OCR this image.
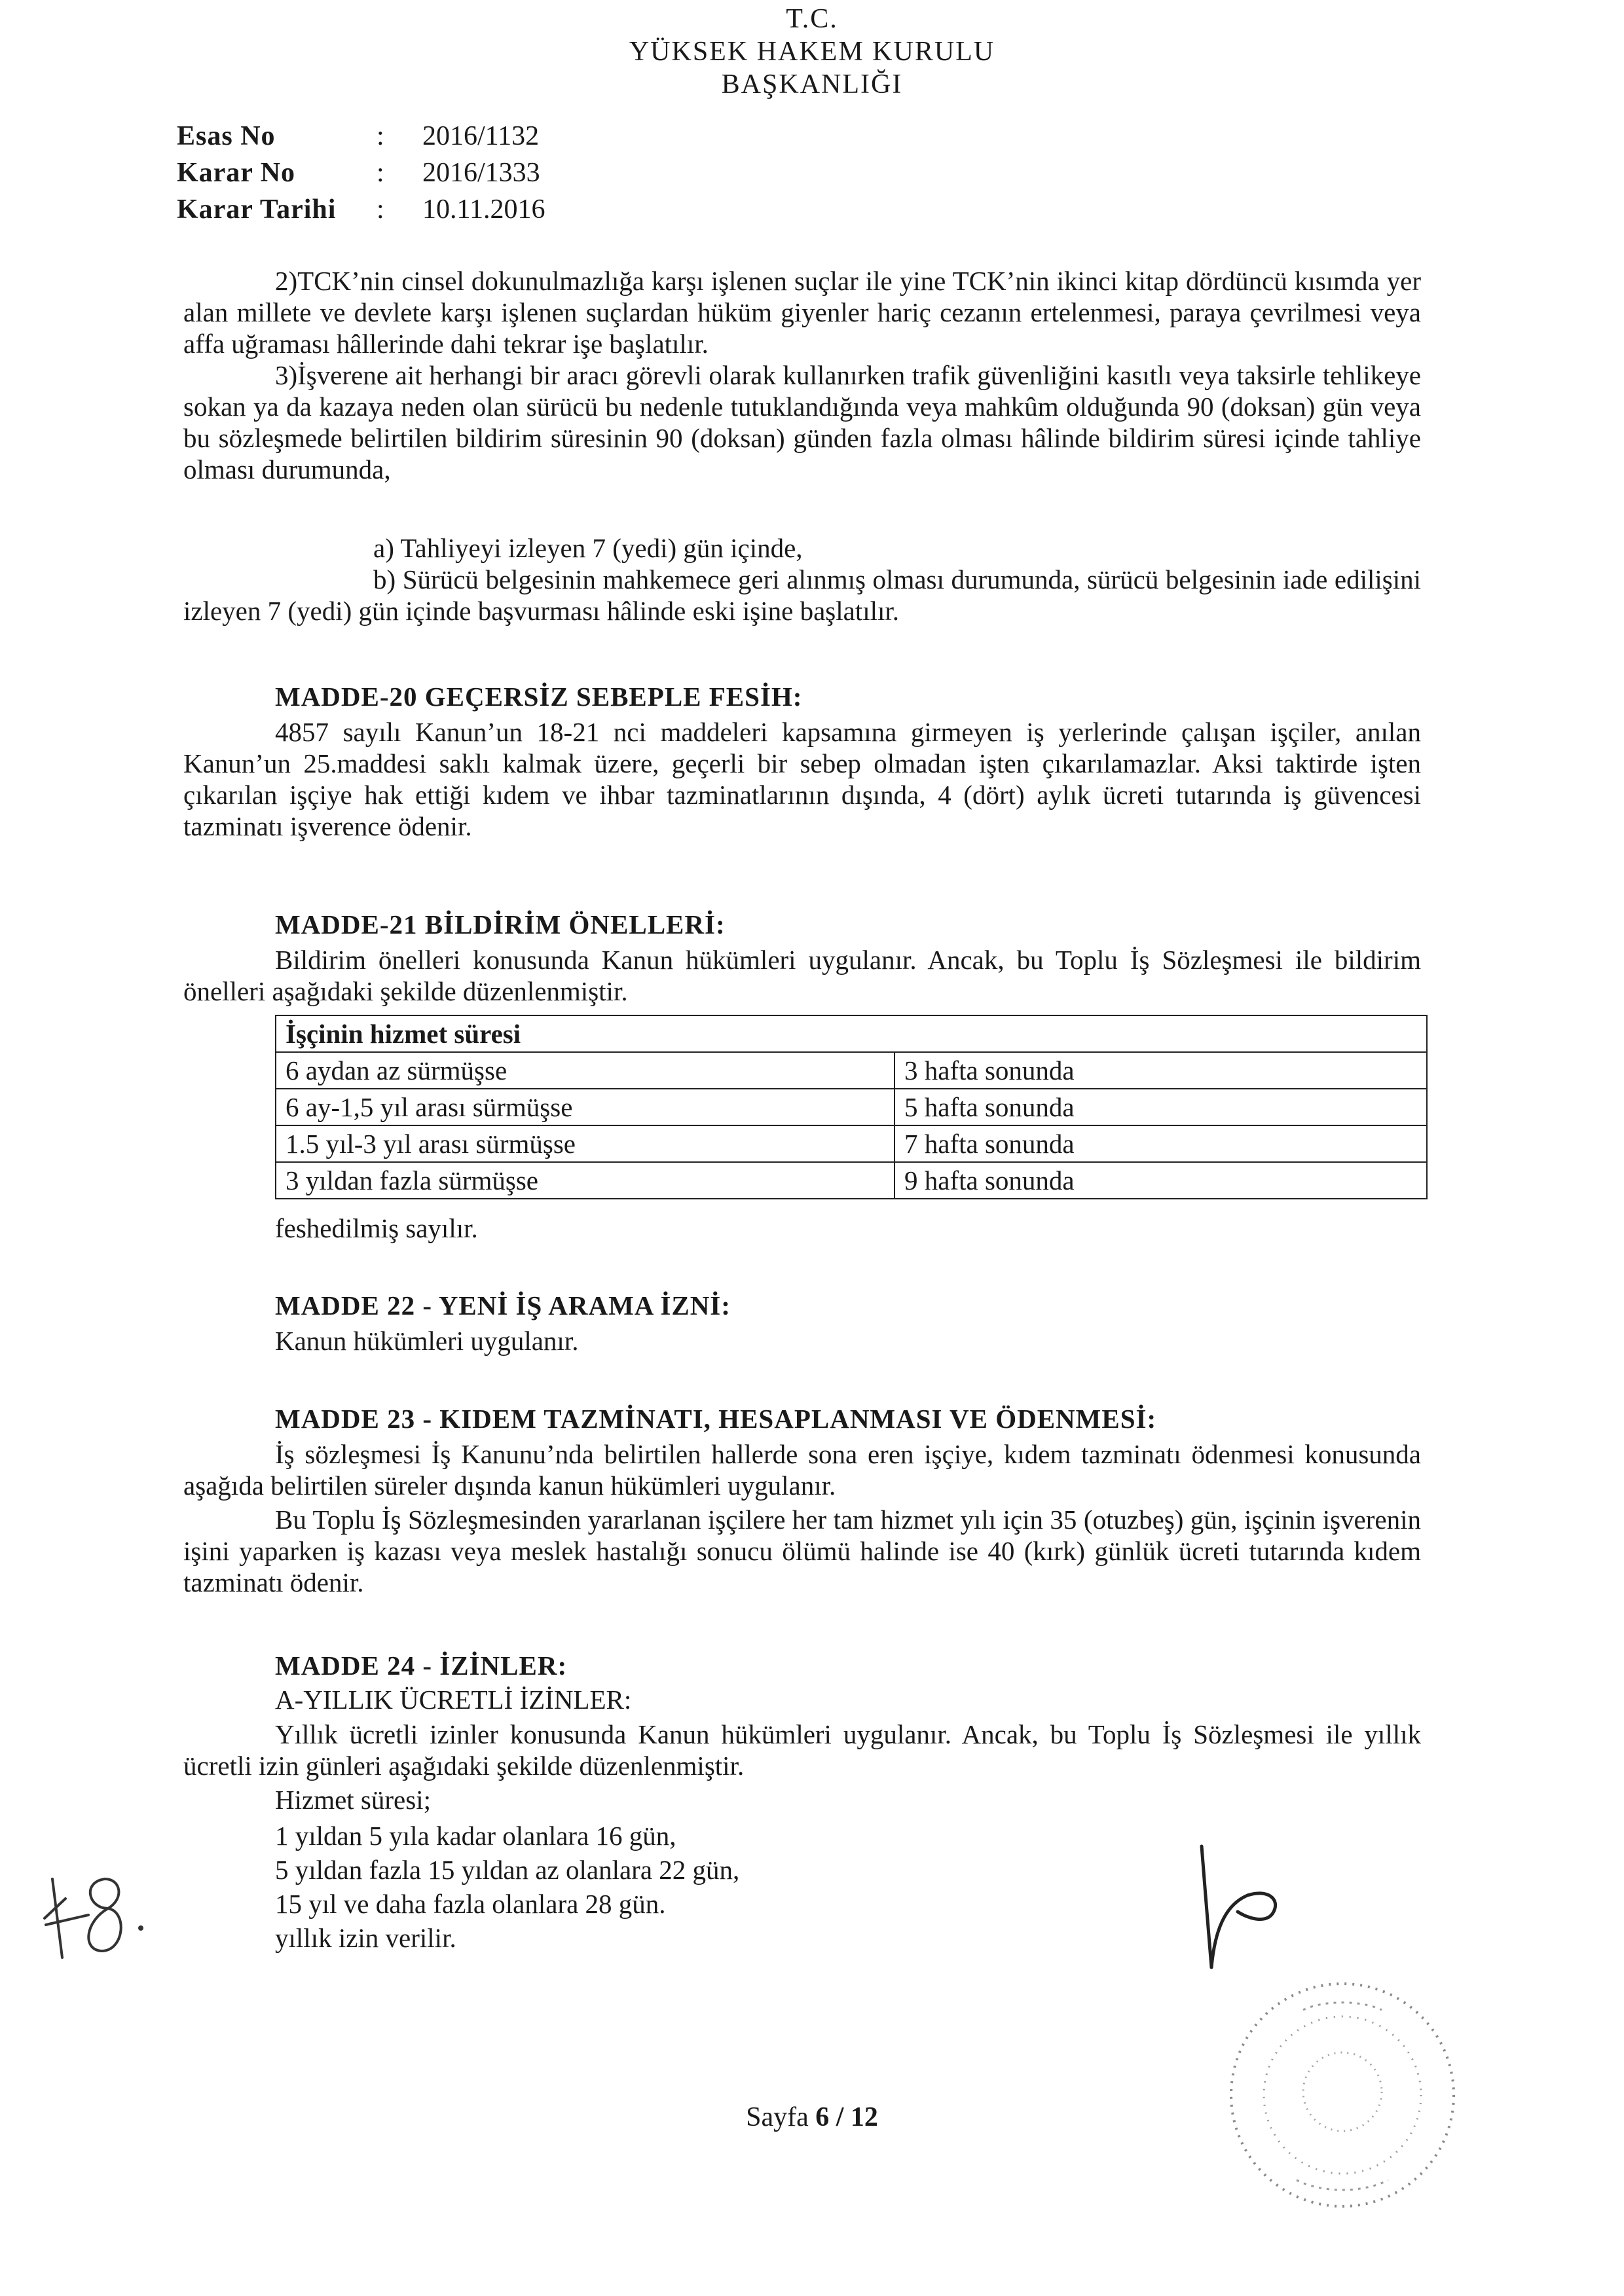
T.C.
YÜKSEK HAKEM KURULU
BAŞKANLIĞI
Esas No	:	2016/1132
Karar No	:	2016/1333
Karar Tarihi	:	10.11.2016

2)TCK’nin cinsel dokunulmazlığa karşı işlenen suçlar ile yine TCK’nin ikinci kitap dördüncü kısımda yer alan millete ve devlete karşı işlenen suçlardan hüküm giyenler hariç cezanın ertelenmesi, paraya çevrilmesi veya affa uğraması hâllerinde dahi tekrar işe başlatılır.

3)İşverene ait herhangi bir aracı görevli olarak kullanırken trafik güvenliğini kasıtlı veya taksirle tehlikeye sokan ya da kazaya neden olan sürücü bu nedenle tutuklandığında veya mahkûm olduğunda 90 (doksan) gün veya bu sözleşmede belirtilen bildirim süresinin 90 (doksan) günden fazla olması hâlinde bildirim süresi içinde tahliye olması durumunda,

a) Tahliyeyi izleyen 7 (yedi) gün içinde,

b) Sürücü belgesinin mahkemece geri alınmış olması durumunda, sürücü belgesinin iade edilişini izleyen 7 (yedi) gün içinde başvurması hâlinde eski işine başlatılır.

MADDE-20 GEÇERSİZ SEBEPLE FESİH:

4857 sayılı Kanun’un 18-21 nci maddeleri kapsamına girmeyen iş yerlerinde çalışan işçiler, anılan Kanun’un 25.maddesi saklı kalmak üzere, geçerli bir sebep olmadan işten çıkarılamazlar. Aksi taktirde işten çıkarılan işçiye hak ettiği kıdem ve ihbar tazminatlarının dışında, 4 (dört) aylık ücreti tutarında iş güvencesi tazminatı işverence ödenir.

MADDE-21 BİLDİRİM ÖNELLERİ:

Bildirim önelleri konusunda Kanun hükümleri uygulanır. Ancak, bu Toplu İş Sözleşmesi ile bildirim önelleri aşağıdaki şekilde düzenlenmiştir.

İşçinin hizmet süresi	
6 aydan az sürmüşse	3 hafta sonunda
6 ay-1,5 yıl arası sürmüşse	5 hafta sonunda
1.5 yıl-3 yıl arası sürmüşse	7 hafta sonunda
3 yıldan fazla sürmüşse	9 hafta sonunda
feshedilmiş sayılır.
MADDE 22 - YENİ İŞ ARAMA İZNİ:
Kanun hükümleri uygulanır.
MADDE 23 - KIDEM TAZMİNATI, HESAPLANMASI VE ÖDENMESİ:

İş sözleşmesi İş Kanunu’nda belirtilen hallerde sona eren işçiye, kıdem tazminatı ödenmesi konusunda aşağıda belirtilen süreler dışında kanun hükümleri uygulanır.

Bu Toplu İş Sözleşmesinden yararlanan işçilere her tam hizmet yılı için 35 (otuzbeş) gün, işçinin işverenin işini yaparken iş kazası veya meslek hastalığı sonucu ölümü halinde ise 40 (kırk) günlük ücreti tutarında kıdem tazminatı ödenir.

MADDE 24 - İZİNLER:
A-YILLIK ÜCRETLİ İZİNLER:

Yıllık ücretli izinler konusunda Kanun hükümleri uygulanır. Ancak, bu Toplu İş Sözleşmesi ile yıllık ücretli izin günleri aşağıdaki şekilde düzenlenmiştir.

Hizmet süresi;
1 yıldan 5 yıla kadar olanlara 16 gün,
5 yıldan fazla 15 yıldan az olanlara 22 gün,
15 yıl ve daha fazla olanlara 28 gün.
yıllık izin verilir.
Sayfa 6 / 12
